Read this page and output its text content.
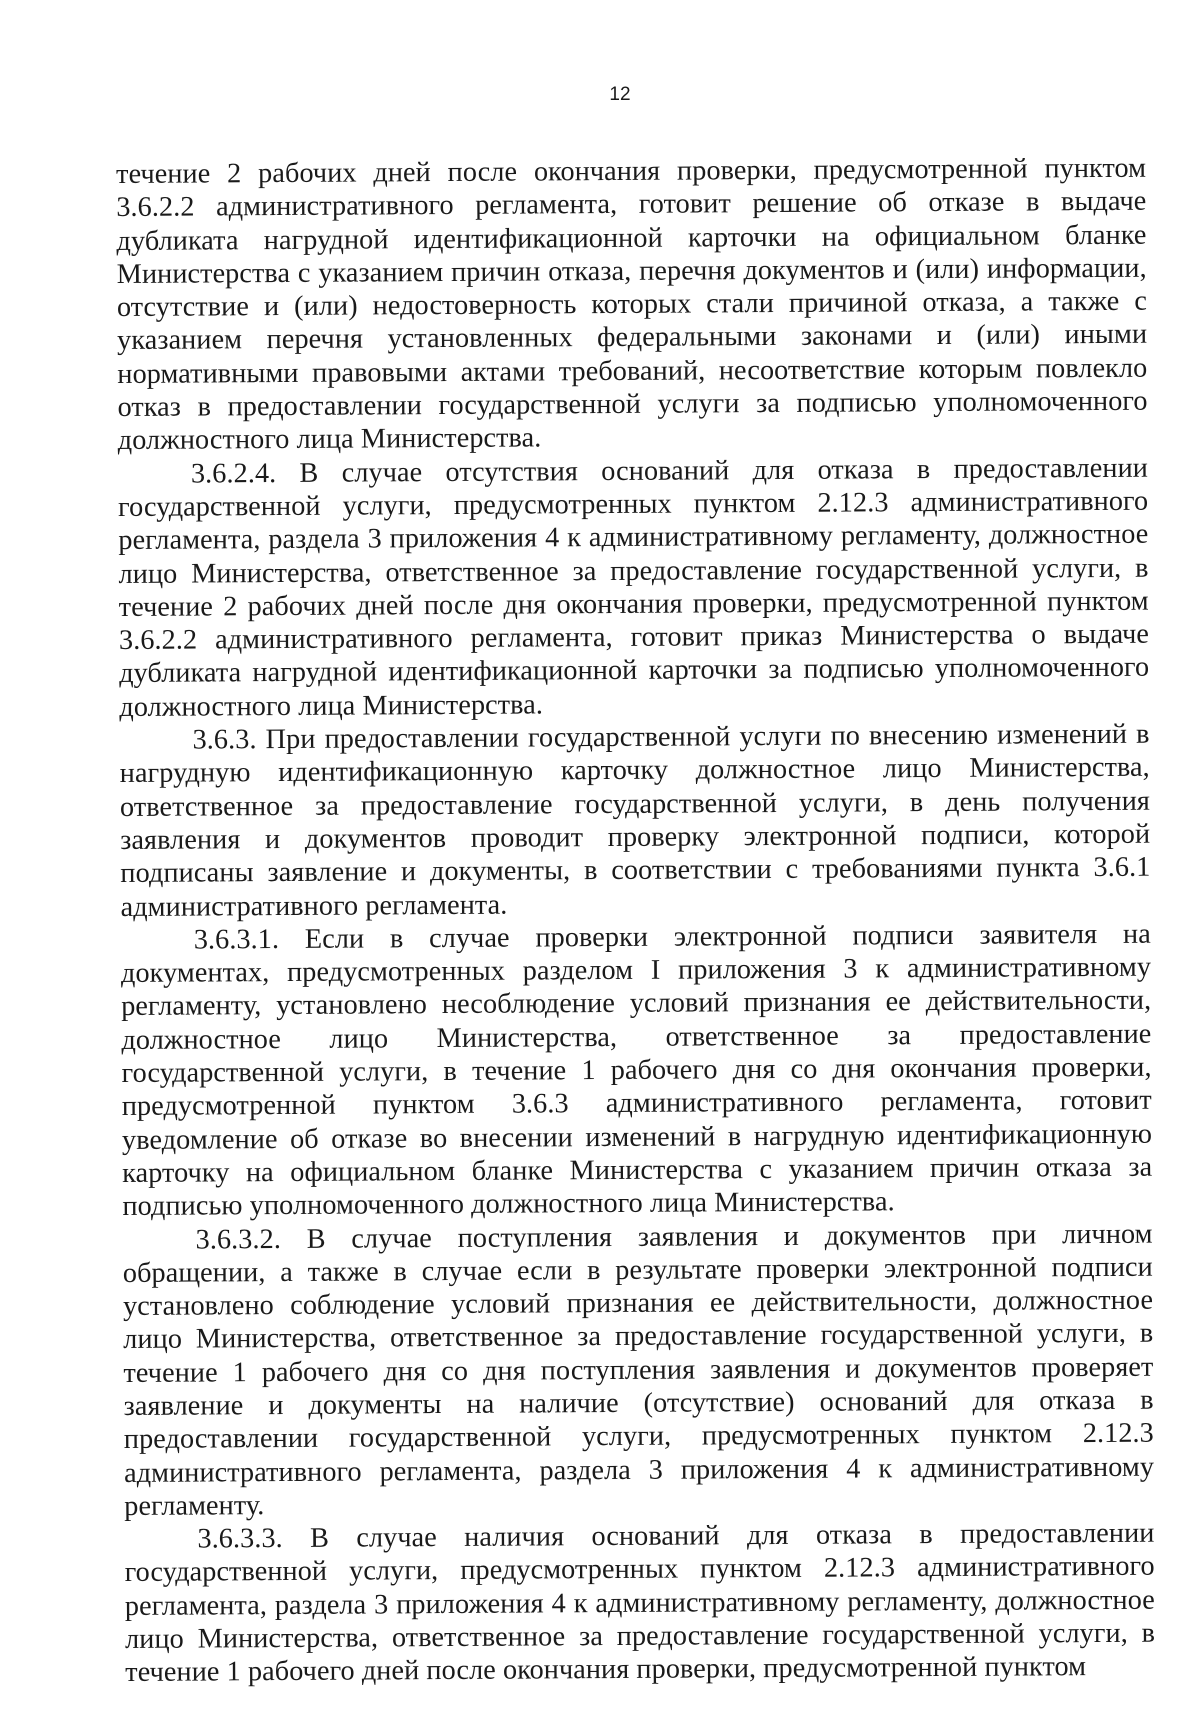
12

течение 2 рабочих дней после окончания проверки, предусмотренной пунктом 3.6.2.2 административного регламента, готовит решение об отказе в выдаче дубликата нагрудной идентификационной карточки на официальном бланке Министерства с указанием причин отказа, перечня документов и (или) информации, отсутствие и (или) недостоверность которых стали причиной отказа, а также с указанием перечня установленных федеральными законами и (или) иными нормативными правовыми актами требований, несоответствие которым повлекло отказ в предоставлении государственной услуги за подписью уполномоченного должностного лица Министерства.

3.6.2.4. В случае отсутствия оснований для отказа в предоставлении государственной услуги, предусмотренных пунктом 2.12.3 административного регламента, раздела 3 приложения 4 к административному регламенту, должностное лицо Министерства, ответственное за предоставление государственной услуги, в течение 2 рабочих дней после дня окончания проверки, предусмотренной пунктом 3.6.2.2 административного регламента, готовит приказ Министерства о выдаче дубликата нагрудной идентификационной карточки за подписью уполномоченного должностного лица Министерства.

3.6.3. При предоставлении государственной услуги по внесению изменений в нагрудную идентификационную карточку должностное лицо Министерства, ответственное за предоставление государственной услуги, в день получения заявления и документов проводит проверку электронной подписи, которой подписаны заявление и документы, в соответствии с требованиями пункта 3.6.1 административного регламента.

3.6.3.1. Если в случае проверки электронной подписи заявителя на документах, предусмотренных разделом I приложения 3 к административному регламенту, установлено несоблюдение условий признания ее действительности, должностное лицо Министерства, ответственное за предоставление государственной услуги, в течение 1 рабочего дня со дня окончания проверки, предусмотренной пунктом 3.6.3 административного регламента, готовит уведомление об отказе во внесении изменений в нагрудную идентификационную карточку на официальном бланке Министерства с указанием причин отказа за подписью уполномоченного должностного лица Министерства.

3.6.3.2. В случае поступления заявления и документов при личном обращении, а также в случае если в результате проверки электронной подписи установлено соблюдение условий признания ее действительности, должностное лицо Министерства, ответственное за предоставление государственной услуги, в течение 1 рабочего дня со дня поступления заявления и документов проверяет заявление и документы на наличие (отсутствие) оснований для отказа в предоставлении государственной услуги, предусмотренных пунктом 2.12.3 административного регламента, раздела 3 приложения 4 к административному регламенту.

3.6.3.3. В случае наличия оснований для отказа в предоставлении государственной услуги, предусмотренных пунктом 2.12.3 административного регламента, раздела 3 приложения 4 к административному регламенту, должностное лицо Министерства, ответственное за предоставление государственной услуги, в течение 1 рабочего дней после окончания проверки, предусмотренной пунктом
